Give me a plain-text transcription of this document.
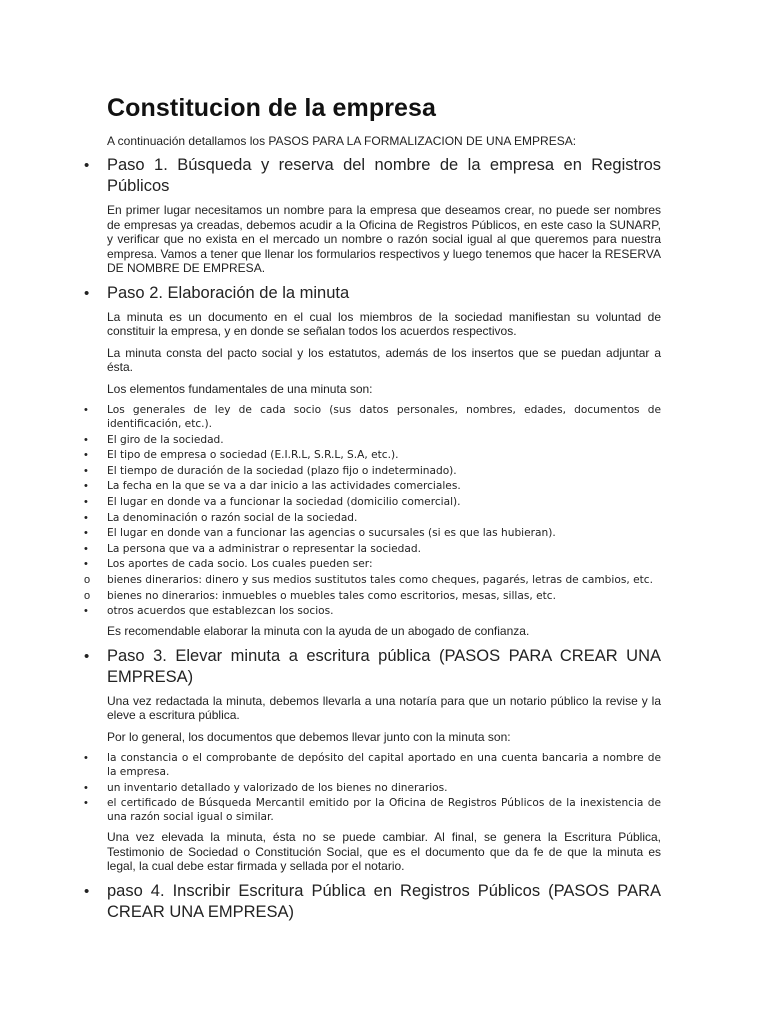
Constitucion de la empresa

A continuación detallamos los PASOS PARA LA FORMALIZACION DE UNA EMPRESA:

• Paso 1. Búsqueda y reserva del nombre de la empresa en Registros Públicos

En primer lugar necesitamos un nombre para la empresa que deseamos crear, no puede ser nombres de empresas ya creadas, debemos acudir a la Oficina de Registros Públicos, en este caso la SUNARP, y verificar que no exista en el mercado un nombre o razón social igual al que queremos para nuestra empresa. Vamos a tener que llenar los formularios respectivos y luego tenemos que hacer la RESERVA DE NOMBRE DE EMPRESA.

• Paso 2. Elaboración de la minuta

La minuta es un documento en el cual los miembros de la sociedad manifiestan su voluntad de constituir la empresa, y en donde se señalan todos los acuerdos respectivos.

La minuta consta del pacto social y los estatutos, además de los insertos que se puedan adjuntar a ésta.

Los elementos fundamentales de una minuta son:

• Los generales de ley de cada socio (sus datos personales, nombres, edades, documentos de identificación, etc.).
• El giro de la sociedad.
• El tipo de empresa o sociedad (E.I.R.L, S.R.L, S.A, etc.).
• El tiempo de duración de la sociedad (plazo fijo o indeterminado).
• La fecha en la que se va a dar inicio a las actividades comerciales.
• El lugar en donde va a funcionar la sociedad (domicilio comercial).
• La denominación o razón social de la sociedad.
• El lugar en donde van a funcionar las agencias o sucursales (si es que las hubieran).
• La persona que va a administrar o representar la sociedad.
• Los aportes de cada socio. Los cuales pueden ser:
o bienes dinerarios: dinero y sus medios sustitutos tales como cheques, pagarés, letras de cambios, etc.
o bienes no dinerarios: inmuebles o muebles tales como escritorios, mesas, sillas, etc.
• otros acuerdos que establezcan los socios.

Es recomendable elaborar la minuta con la ayuda de un abogado de confianza.

• Paso 3. Elevar minuta a escritura pública (PASOS PARA CREAR UNA EMPRESA)

Una vez redactada la minuta, debemos llevarla a una notaría para que un notario público la revise y la eleve a escritura pública.

Por lo general, los documentos que debemos llevar junto con la minuta son:

• la constancia o el comprobante de depósito del capital aportado en una cuenta bancaria a nombre de la empresa.
• un inventario detallado y valorizado de los bienes no dinerarios.
• el certificado de Búsqueda Mercantil emitido por la Oficina de Registros Públicos de la inexistencia de una razón social igual o similar.

Una vez elevada la minuta, ésta no se puede cambiar. Al final, se genera la Escritura Pública, Testimonio de Sociedad o Constitución Social, que es el documento que da fe de que la minuta es legal, la cual debe estar firmada y sellada por el notario.

• paso 4. Inscribir Escritura Pública en Registros Públicos (PASOS PARA CREAR UNA EMPRESA)
